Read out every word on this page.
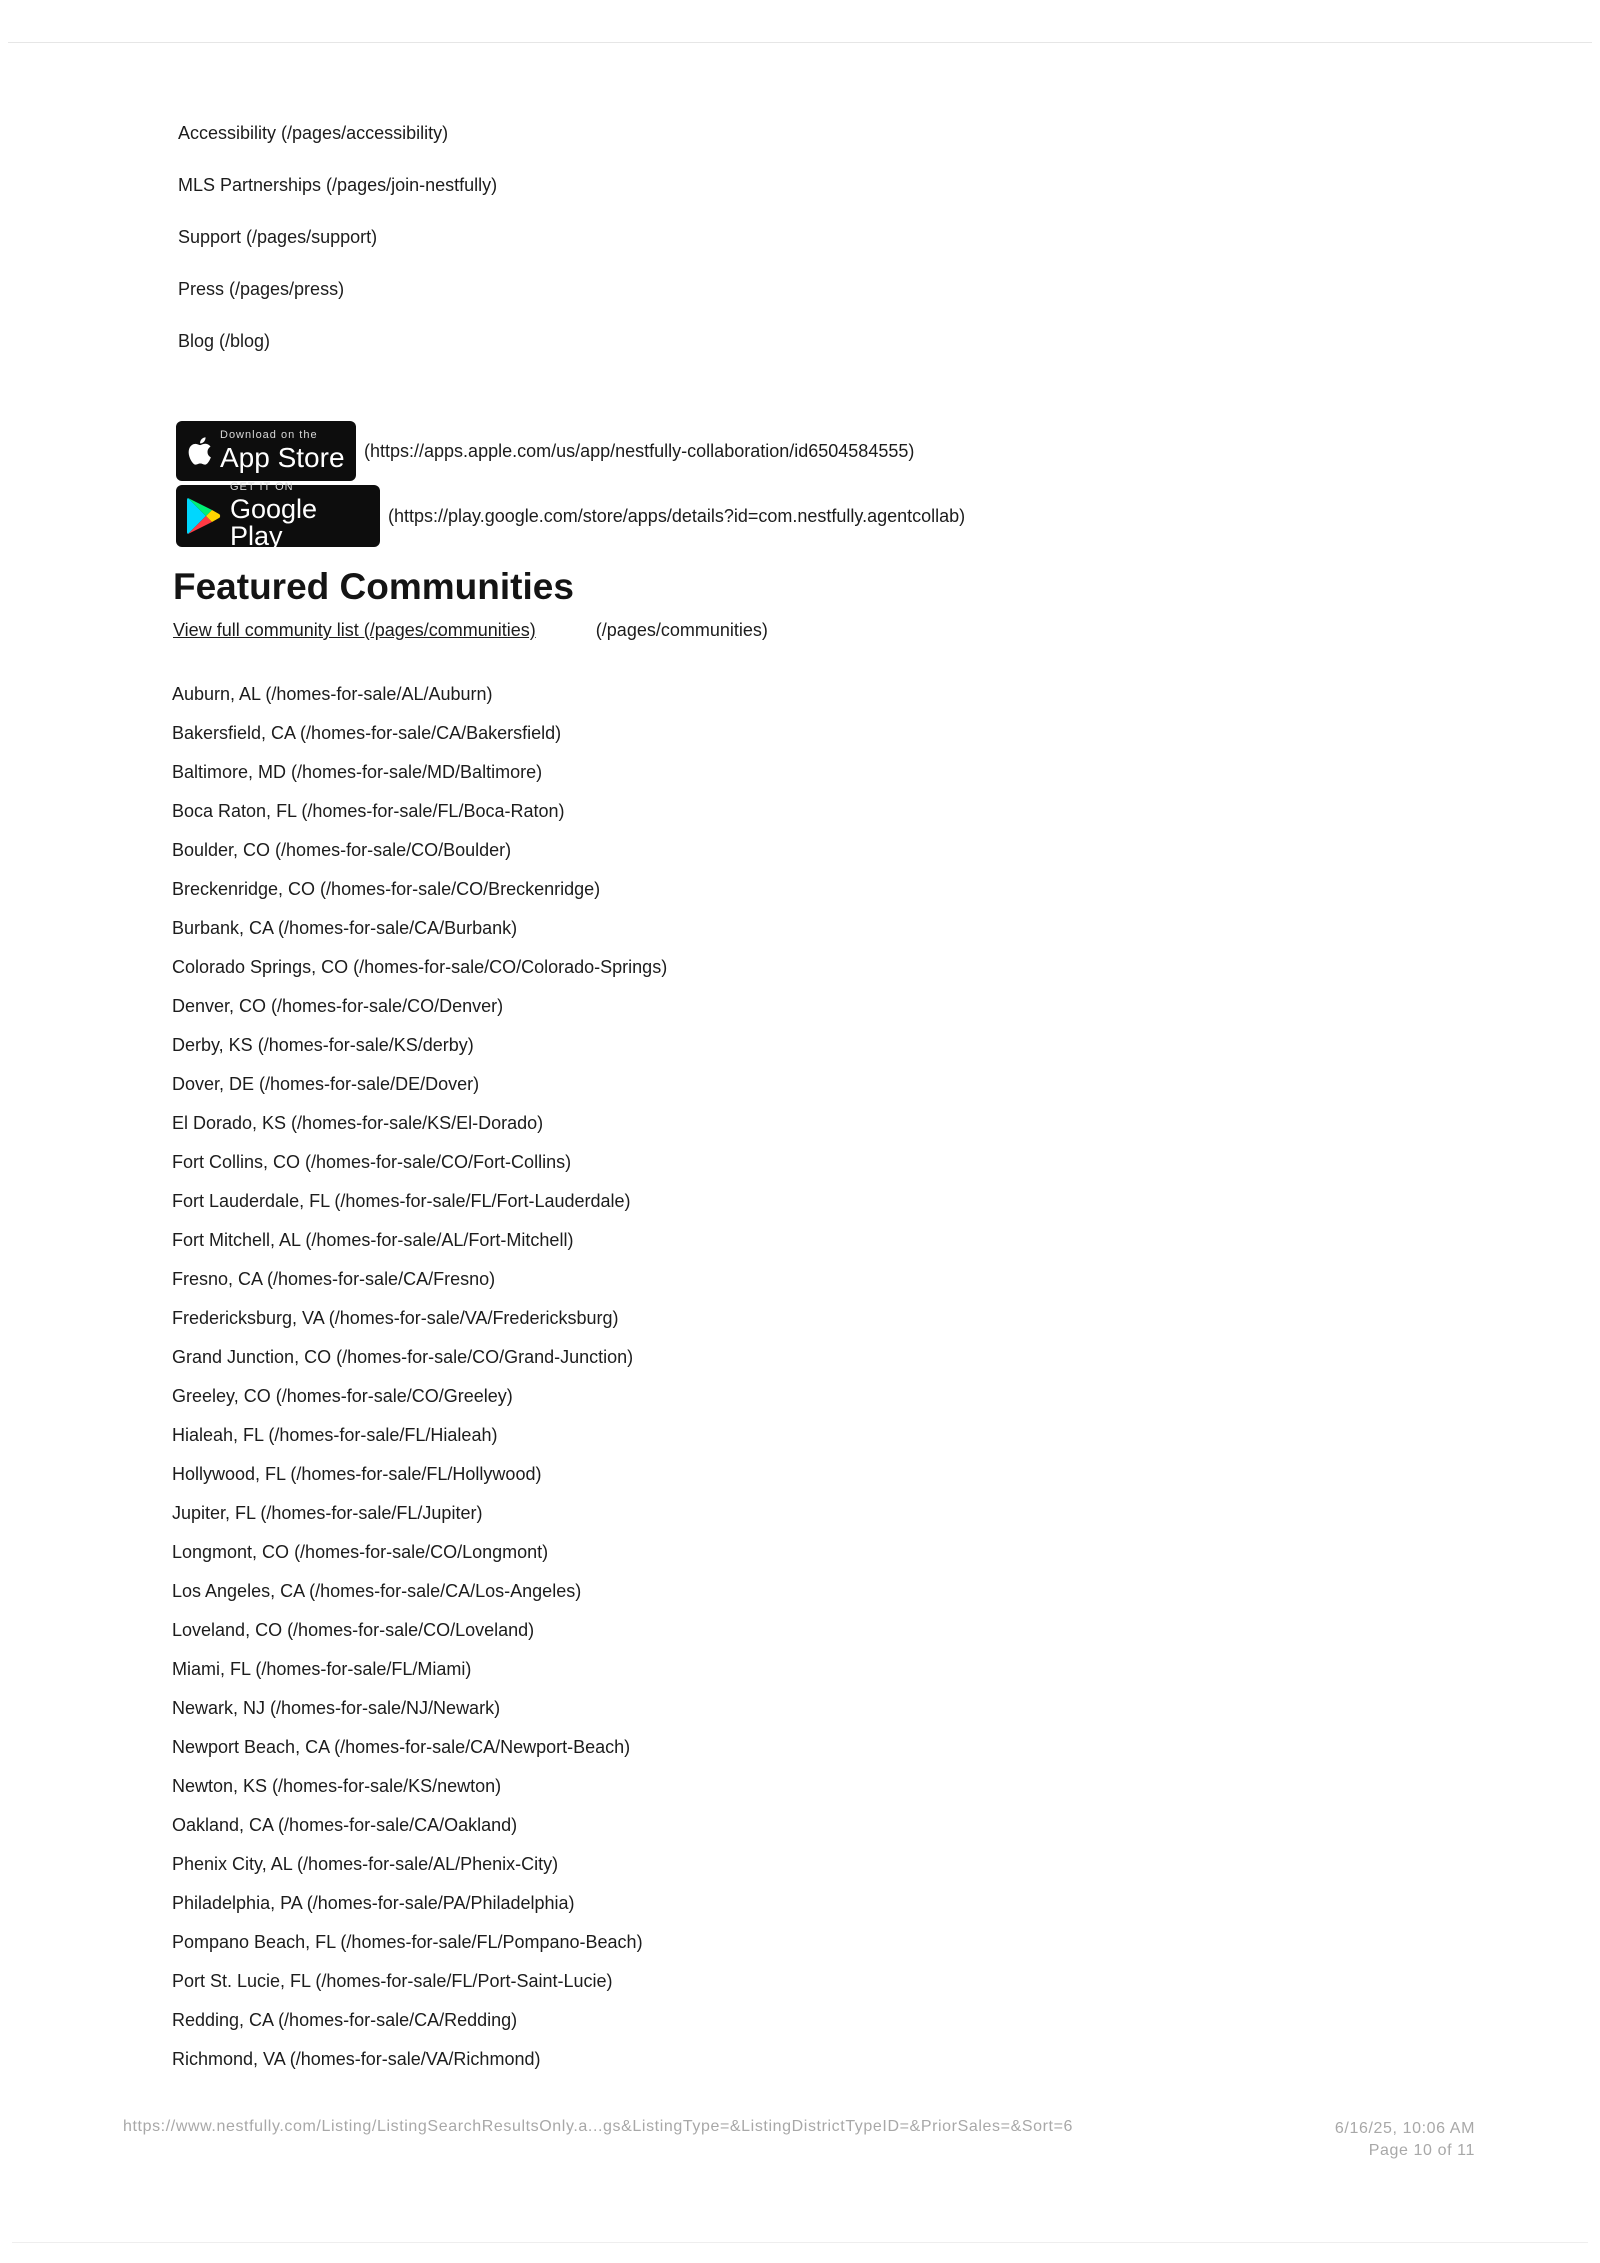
Accessibility (/pages/accessibility)
MLS Partnerships (/pages/join-nestfully)
Support (/pages/support)
Press (/pages/press)
Blog (/blog)
Download on the
App Store (https://apps.apple.com/us/app/nestfully-collaboration/id6504584555)
GET IT ON
Google Play
(https://play.google.com/store/apps/details?id=com.nestfully.agentcollab)
Featured Communities
View full community list (/pages/communities)	(/pages/communities)
Auburn, AL (/homes-for-sale/AL/Auburn)
Bakersfield, CA (/homes-for-sale/CA/Bakersfield)
Baltimore, MD (/homes-for-sale/MD/Baltimore)
Boca Raton, FL (/homes-for-sale/FL/Boca-Raton)
Boulder, CO (/homes-for-sale/CO/Boulder)
Breckenridge, CO (/homes-for-sale/CO/Breckenridge)
Burbank, CA (/homes-for-sale/CA/Burbank)
Colorado Springs, CO (/homes-for-sale/CO/Colorado-Springs)
Denver, CO (/homes-for-sale/CO/Denver)
Derby, KS (/homes-for-sale/KS/derby)
Dover, DE (/homes-for-sale/DE/Dover)
El Dorado, KS (/homes-for-sale/KS/El-Dorado)
Fort Collins, CO (/homes-for-sale/CO/Fort-Collins)
Fort Lauderdale, FL (/homes-for-sale/FL/Fort-Lauderdale)
Fort Mitchell, AL (/homes-for-sale/AL/Fort-Mitchell)
Fresno, CA (/homes-for-sale/CA/Fresno)
Fredericksburg, VA (/homes-for-sale/VA/Fredericksburg)
Grand Junction, CO (/homes-for-sale/CO/Grand-Junction)
Greeley, CO (/homes-for-sale/CO/Greeley)
Hialeah, FL (/homes-for-sale/FL/Hialeah)
Hollywood, FL (/homes-for-sale/FL/Hollywood)
Jupiter, FL (/homes-for-sale/FL/Jupiter)
Longmont, CO (/homes-for-sale/CO/Longmont)
Los Angeles, CA (/homes-for-sale/CA/Los-Angeles)
Loveland, CO (/homes-for-sale/CO/Loveland)
Miami, FL (/homes-for-sale/FL/Miami)
Newark, NJ (/homes-for-sale/NJ/Newark)
Newport Beach, CA (/homes-for-sale/CA/Newport-Beach)
Newton, KS (/homes-for-sale/KS/newton)
Oakland, CA (/homes-for-sale/CA/Oakland)
Phenix City, AL (/homes-for-sale/AL/Phenix-City)
Philadelphia, PA (/homes-for-sale/PA/Philadelphia)
Pompano Beach, FL (/homes-for-sale/FL/Pompano-Beach)
Port St. Lucie, FL (/homes-for-sale/FL/Port-Saint-Lucie)
Redding, CA (/homes-for-sale/CA/Redding)
Richmond, VA (/homes-for-sale/VA/Richmond)
https://www.nestfully.com/Listing/ListingSearchResultsOnly.a...gs&ListingType=&ListingDistrictTypeID=&PriorSales=&Sort=6	6/16/25, 10:06 AM
Page 10 of 11
